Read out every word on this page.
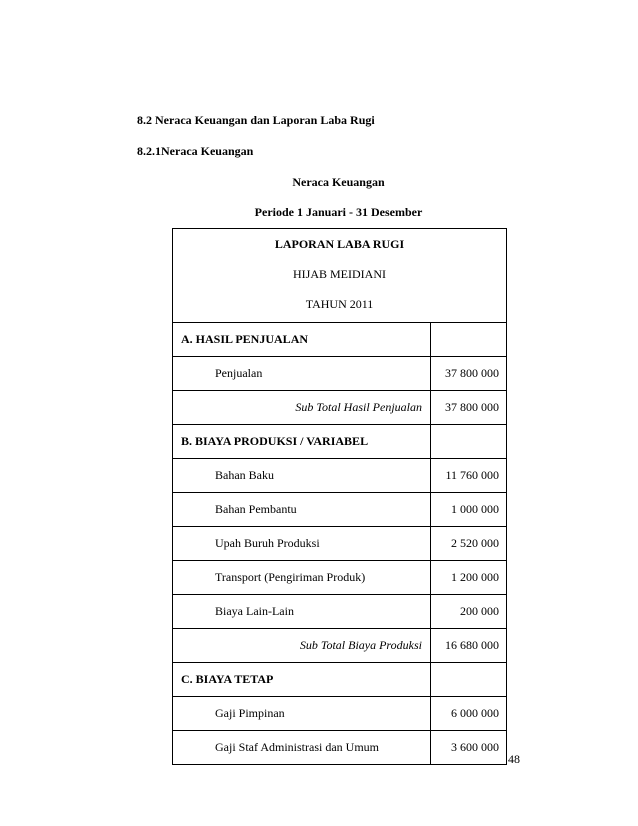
8.2 Neraca Keuangan dan Laporan Laba Rugi
8.2.1Neraca Keuangan
Neraca Keuangan
Periode 1 Januari - 31 Desember
LAPORAN LABA RUGI
HIJAB MEIDIANI
TAHUN 2011
A. HASIL PENJUALAN
Penjualan	37 800 000
Sub Total Hasil Penjualan 37 800 000
B. BIAYA PRODUKSI / VARIABEL
Bahan Baku	11 760 000
Bahan Pembantu	1 000 000
Upah Buruh Produksi	2 520 000
Transport (Pengiriman Produk)	1 200 000
Biaya Lain-Lain	200 000
Sub Total Biaya Produksi 16 680 000
C. BIAYA TETAP
Gaji Pimpinan	6 000 000
Gaji Staf Administrasi dan Umum	3 600 000
48
